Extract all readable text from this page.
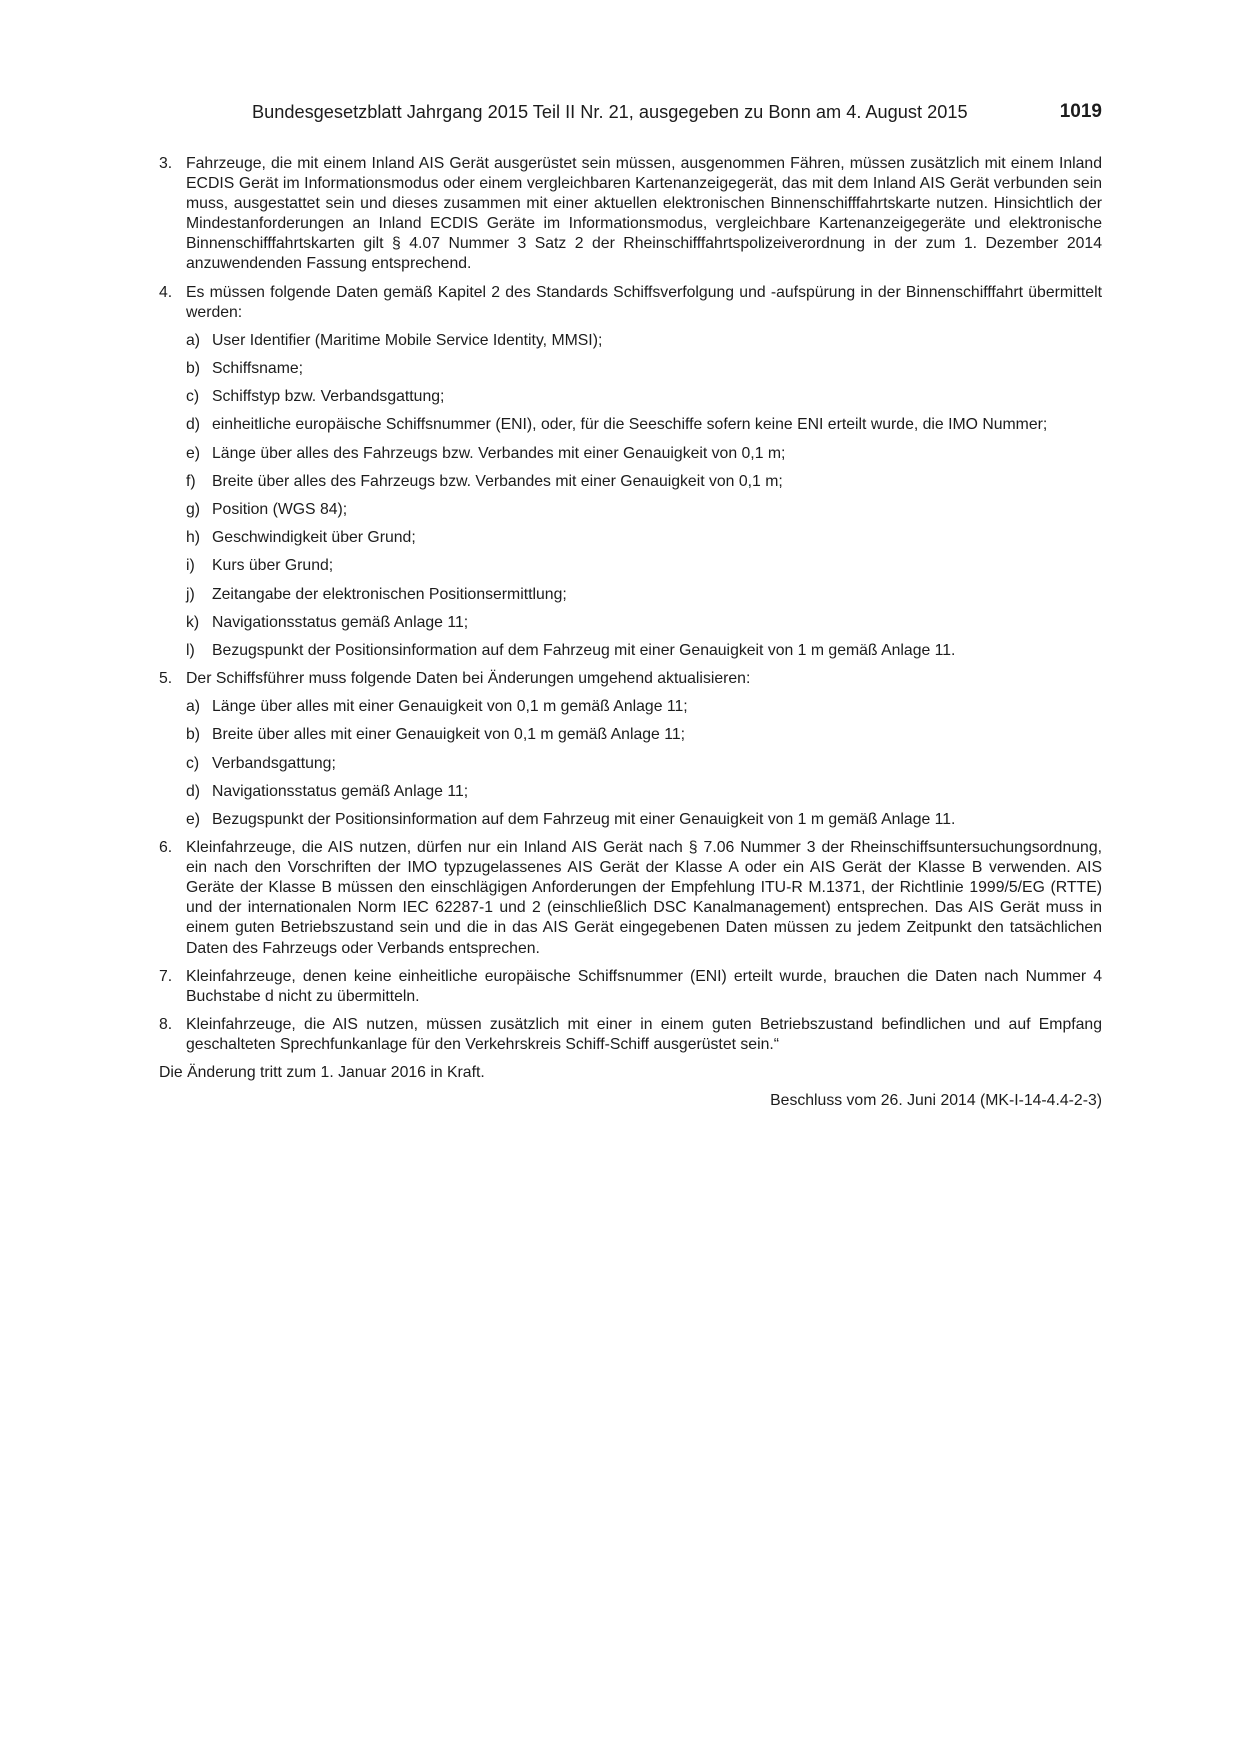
Bundesgesetzblatt Jahrgang 2015 Teil II Nr. 21, ausgegeben zu Bonn am 4. August 2015	1019
3. Fahrzeuge, die mit einem Inland AIS Gerät ausgerüstet sein müssen, ausgenommen Fähren, müssen zusätzlich mit einem Inland ECDIS Gerät im Informationsmodus oder einem vergleichbaren Kartenanzeigegerät, das mit dem Inland AIS Gerät verbunden sein muss, ausgestattet sein und dieses zusammen mit einer aktuellen elektronischen Binnenschifffahrtskarte nutzen. Hinsichtlich der Mindestanforderungen an Inland ECDIS Geräte im Informationsmodus, vergleichbare Kartenanzeigegeräte und elektronische Binnenschifffahrtskarten gilt § 4.07 Nummer 3 Satz 2 der Rheinschifffahrtspolizeiverordnung in der zum 1. Dezember 2014 anzuwendenden Fassung entsprechend.
4. Es müssen folgende Daten gemäß Kapitel 2 des Standards Schiffsverfolgung und -aufspürung in der Binnenschifffahrt übermittelt werden:
a) User Identifier (Maritime Mobile Service Identity, MMSI);
b) Schiffsname;
c) Schiffstyp bzw. Verbandsgattung;
d) einheitliche europäische Schiffsnummer (ENI), oder, für die Seeschiffe sofern keine ENI erteilt wurde, die IMO Nummer;
e) Länge über alles des Fahrzeugs bzw. Verbandes mit einer Genauigkeit von 0,1 m;
f) Breite über alles des Fahrzeugs bzw. Verbandes mit einer Genauigkeit von 0,1 m;
g) Position (WGS 84);
h) Geschwindigkeit über Grund;
i) Kurs über Grund;
j) Zeitangabe der elektronischen Positionsermittlung;
k) Navigationsstatus gemäß Anlage 11;
l) Bezugspunkt der Positionsinformation auf dem Fahrzeug mit einer Genauigkeit von 1 m gemäß Anlage 11.
5. Der Schiffsführer muss folgende Daten bei Änderungen umgehend aktualisieren:
a) Länge über alles mit einer Genauigkeit von 0,1 m gemäß Anlage 11;
b) Breite über alles mit einer Genauigkeit von 0,1 m gemäß Anlage 11;
c) Verbandsgattung;
d) Navigationsstatus gemäß Anlage 11;
e) Bezugspunkt der Positionsinformation auf dem Fahrzeug mit einer Genauigkeit von 1 m gemäß Anlage 11.
6. Kleinfahrzeuge, die AIS nutzen, dürfen nur ein Inland AIS Gerät nach § 7.06 Nummer 3 der Rheinschiffsuntersuchungsordnung, ein nach den Vorschriften der IMO typzugelassenes AIS Gerät der Klasse A oder ein AIS Gerät der Klasse B verwenden. AIS Geräte der Klasse B müssen den einschlägigen Anforderungen der Empfehlung ITU-R M.1371, der Richtlinie 1999/5/EG (RTTE) und der internationalen Norm IEC 62287-1 und 2 (einschließlich DSC Kanalmanagement) entsprechen. Das AIS Gerät muss in einem guten Betriebszustand sein und die in das AIS Gerät eingegebenen Daten müssen zu jedem Zeitpunkt den tatsächlichen Daten des Fahrzeugs oder Verbands entsprechen.
7. Kleinfahrzeuge, denen keine einheitliche europäische Schiffsnummer (ENI) erteilt wurde, brauchen die Daten nach Nummer 4 Buchstabe d nicht zu übermitteln.
8. Kleinfahrzeuge, die AIS nutzen, müssen zusätzlich mit einer in einem guten Betriebszustand befindlichen und auf Empfang geschalteten Sprechfunkanlage für den Verkehrskreis Schiff-Schiff ausgerüstet sein.“
Die Änderung tritt zum 1. Januar 2016 in Kraft.
Beschluss vom 26. Juni 2014 (MK-I-14-4.4-2-3)
